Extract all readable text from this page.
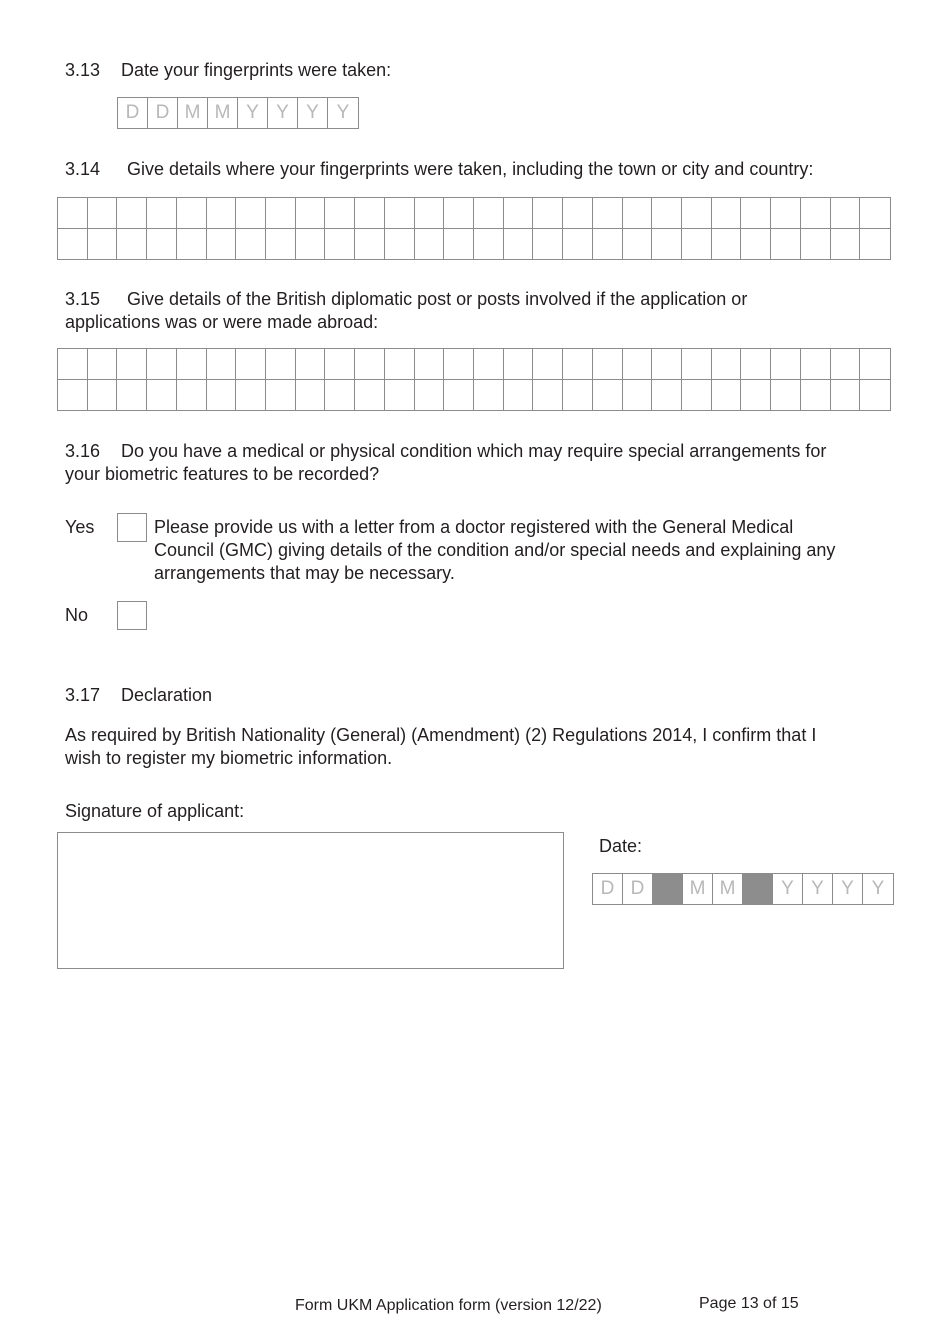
3.13 Date your fingerprints were taken:
D D M M Y Y Y Y
3.14 Give details where your fingerprints were taken, including the town or city and country:
3.15 Give details of the British diplomatic post or posts involved if the application or
applications was or were made abroad:
3.16 Do you have a medical or physical condition which may require special arrangements for
your biometric features to be recorded?
Yes	Please provide us with a letter from a doctor registered with the General Medical
Council (GMC) giving details of the condition and/or special needs and explaining any
arrangements that may be necessary.
No
3.17 Declaration
As required by British Nationality (General) (Amendment) (2) Regulations 2014, I confirm that I
wish to register my biometric information.
Signature of applicant:
Date:
D D	M M	Y Y Y Y
Form UKM Application form (version 12/22)	Page 13 of 15
